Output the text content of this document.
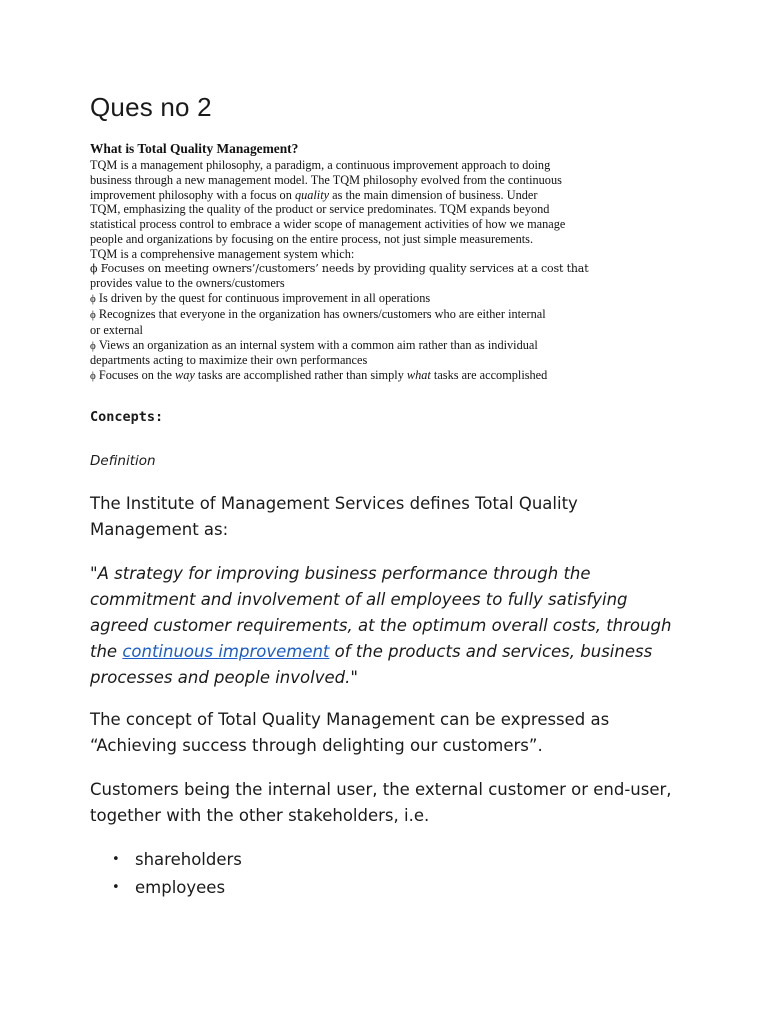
Ques no 2
What is Total Quality Management?

TQM is a management philosophy, a paradigm, a continuous improvement approach to doing
business through a new management model. The TQM philosophy evolved from the continuous
improvement philosophy with a focus on quality as the main dimension of business. Under
TQM, emphasizing the quality of the product or service predominates. TQM expands beyond
statistical process control to embrace a wider scope of management activities of how we manage
people and organizations by focusing on the entire process, not just simple measurements.
TQM is a comprehensive management system which:

ϕ Focuses on meeting owners’/customers’ needs by providing quality services at a cost that
provides value to the owners/customers
ϕ Is driven by the quest for continuous improvement in all operations
ϕ Recognizes that everyone in the organization has owners/customers who are either internal
or external
ϕ Views an organization as an internal system with a common aim rather than as individual
departments acting to maximize their own performances
ϕ Focuses on the way tasks are accomplished rather than simply what tasks are accomplished
Concepts:
Definition

The Institute of Management Services defines Total Quality Management as:

"A strategy for improving business performance through the commitment and involvement of all employees to fully satisfying agreed customer requirements, at the optimum overall costs, through the continuous improvement of the products and services, business processes and people involved."

The concept of Total Quality Management can be expressed as “Achieving success through delighting our customers”.

Customers being the internal user, the external customer or end-user, together with the other stakeholders, i.e.

• shareholders
• employees
